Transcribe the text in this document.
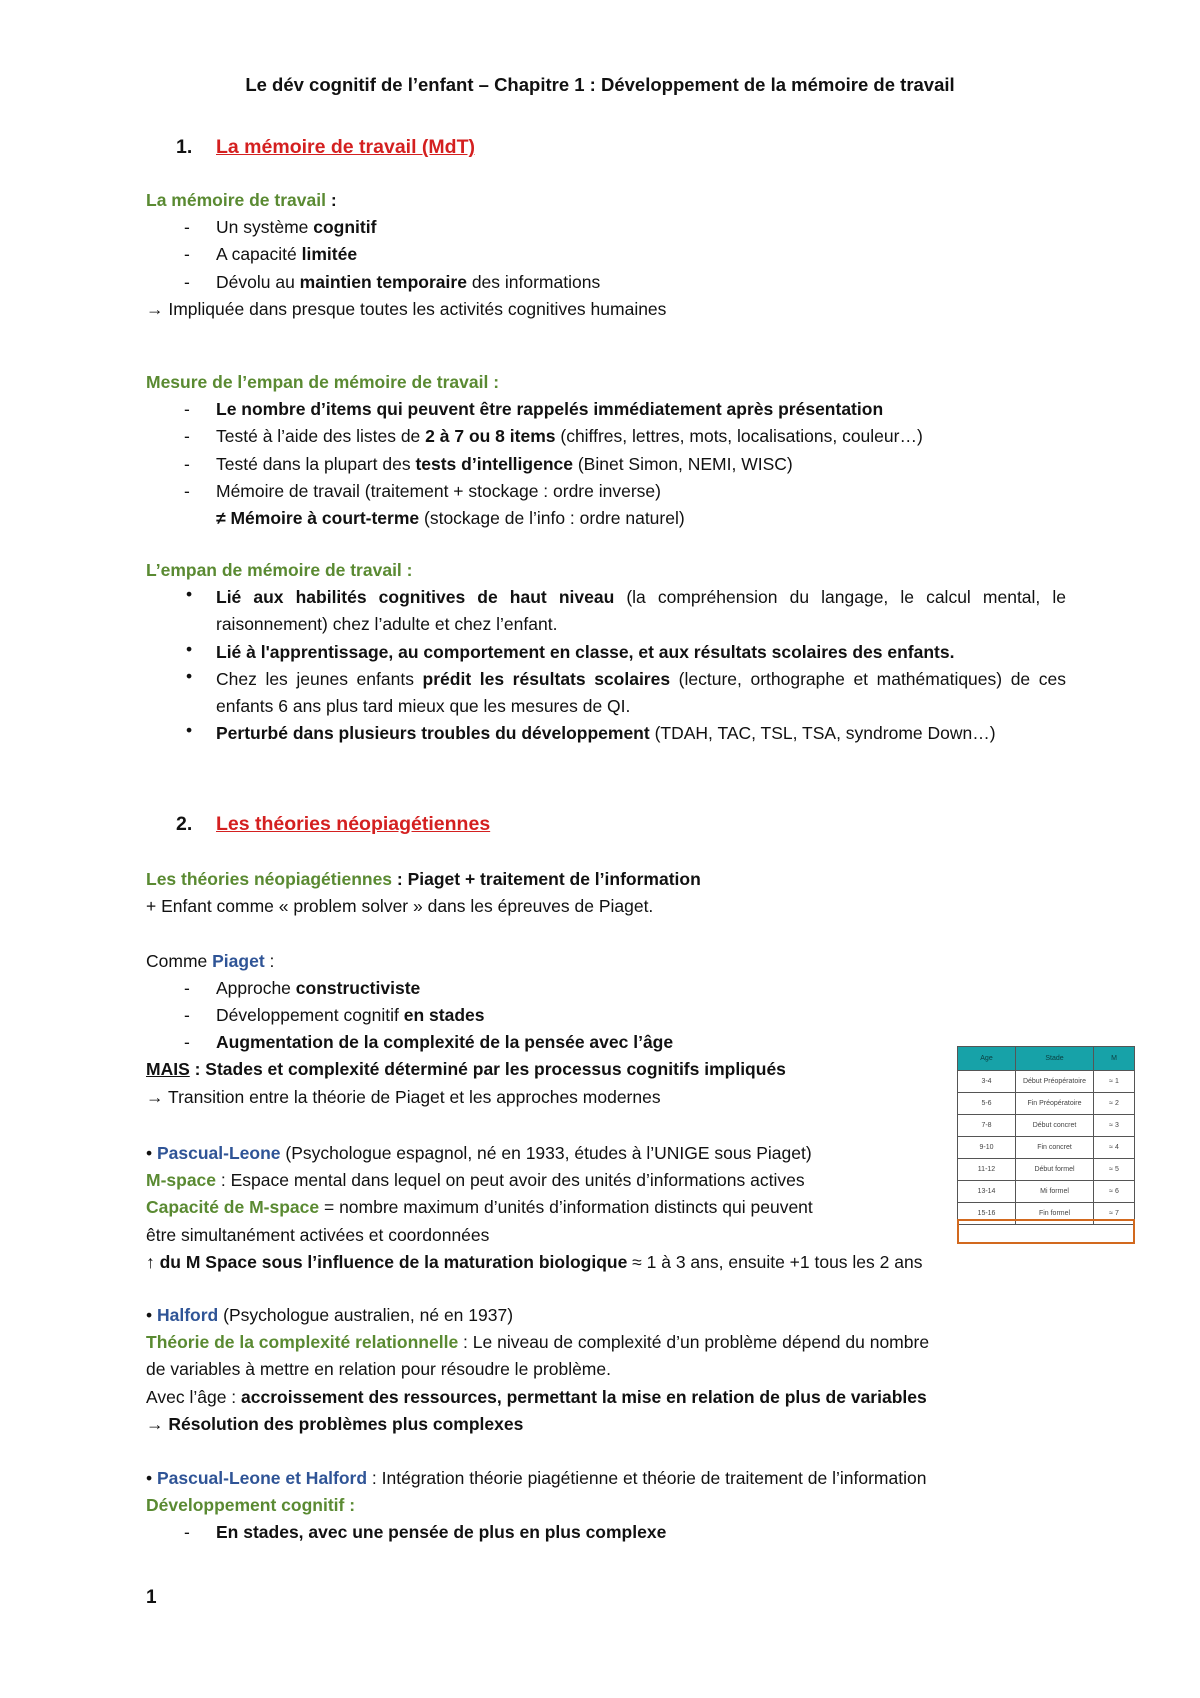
Le dév cognitif de l’enfant – Chapitre 1 : Développement de la mémoire de travail
1. La mémoire de travail (MdT)
La mémoire de travail :
- Un système cognitif
- A capacité limitée
- Dévolu au maintien temporaire des informations
→ Impliquée dans presque toutes les activités cognitives humaines
Mesure de l’empan de mémoire de travail :
- Le nombre d’items qui peuvent être rappelés immédiatement après présentation
- Testé à l’aide des listes de 2 à 7 ou 8 items (chiffres, lettres, mots, localisations, couleur…)
- Testé dans la plupart des tests d’intelligence (Binet Simon, NEMI, WISC)
- Mémoire de travail (traitement + stockage : ordre inverse)
≠ Mémoire à court-terme (stockage de l’info : ordre naturel)
L’empan de mémoire de travail :
•	Lié aux habilités cognitives de haut niveau (la compréhension du langage, le calcul mental, le raisonnement) chez l’adulte et chez l’enfant.
•	Lié à l'apprentissage, au comportement en classe, et aux résultats scolaires des enfants.
•	Chez les jeunes enfants prédit les résultats scolaires (lecture, orthographe et mathématiques) de ces enfants 6 ans plus tard mieux que les mesures de QI.
•	Perturbé dans plusieurs troubles du développement (TDAH, TAC, TSL, TSA, syndrome Down…)
2. Les théories néopiagétiennes
Les théories néopiagétiennes : Piaget + traitement de l’information
+ Enfant comme « problem solver » dans les épreuves de Piaget.
Comme Piaget :
- Approche constructiviste
- Développement cognitif en stades
- Augmentation de la complexité de la pensée avec l’âge
MAIS : Stades et complexité déterminé par les processus cognitifs impliqués
→ Transition entre la théorie de Piaget et les approches modernes
• Pascual-Leone (Psychologue espagnol, né en 1933, études à l’UNIGE sous Piaget)
M-space : Espace mental dans lequel on peut avoir des unités d’informations actives
Capacité de M-space = nombre maximum d’unités d’information distincts qui peuvent
être simultanément activées et coordonnées
↑ du M Space sous l’influence de la maturation biologique ≈ 1 à 3 ans, ensuite +1 tous les 2 ans
• Halford (Psychologue australien, né en 1937)
Théorie de la complexité relationnelle : Le niveau de complexité d’un problème dépend du nombre
de variables à mettre en relation pour résoudre le problème.
Avec l’âge : accroissement des ressources, permettant la mise en relation de plus de variables
→ Résolution des problèmes plus complexes
• Pascual-Leone et Halford : Intégration théorie piagétienne et théorie de traitement de l’information
Développement cognitif :
- En stades, avec une pensée de plus en plus complexe
Age	Stade	M
3-4	Début Préopératoire	≈ 1
5-6	Fin Préopératoire	≈ 2
7-8	Début concret	≈ 3
9-10	Fin concret	≈ 4
11-12	Début formel	≈ 5
13-14	Mi formel	≈ 6
15-16	Fin formel	≈ 7
1
